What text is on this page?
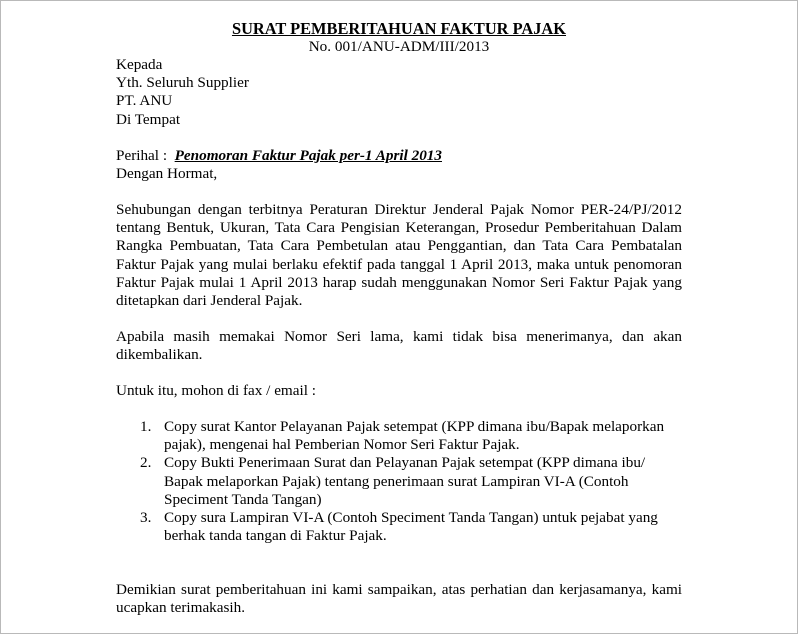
SURAT PEMBERITAHUAN FAKTUR PAJAK
No. 001/ANU-ADM/III/2013
Kepada
Yth. Seluruh Supplier
PT. ANU
Di Tempat
Perihal : Penomoran Faktur Pajak per-1 April 2013
Dengan Hormat,

Sehubungan dengan terbitnya Peraturan Direktur Jenderal Pajak Nomor PER-24/PJ/2012 tentang Bentuk, Ukuran, Tata Cara Pengisian Keterangan, Prosedur Pemberitahuan Dalam Rangka Pembuatan, Tata Cara Pembetulan atau Penggantian, dan Tata Cara Pembatalan Faktur Pajak yang mulai berlaku efektif pada tanggal 1 April 2013, maka untuk penomoran Faktur Pajak mulai 1 April 2013 harap sudah menggunakan Nomor Seri Faktur Pajak yang ditetapkan dari Jenderal Pajak.

Apabila masih memakai Nomor Seri lama, kami tidak bisa menerimanya, dan akan dikembalikan.

Untuk itu, mohon di fax / email :

1. Copy surat Kantor Pelayanan Pajak setempat (KPP dimana ibu/Bapak melaporkan pajak), mengenai hal Pemberian Nomor Seri Faktur Pajak.
2. Copy Bukti Penerimaan Surat dan Pelayanan Pajak setempat (KPP dimana ibu/ Bapak melaporkan Pajak) tentang penerimaan surat Lampiran VI-A (Contoh Speciment Tanda Tangan)
3. Copy sura Lampiran VI-A (Contoh Speciment Tanda Tangan) untuk pejabat yang berhak tanda tangan di Faktur Pajak.

Demikian surat pemberitahuan ini kami sampaikan, atas perhatian dan kerjasamanya, kami ucapkan terimakasih.
